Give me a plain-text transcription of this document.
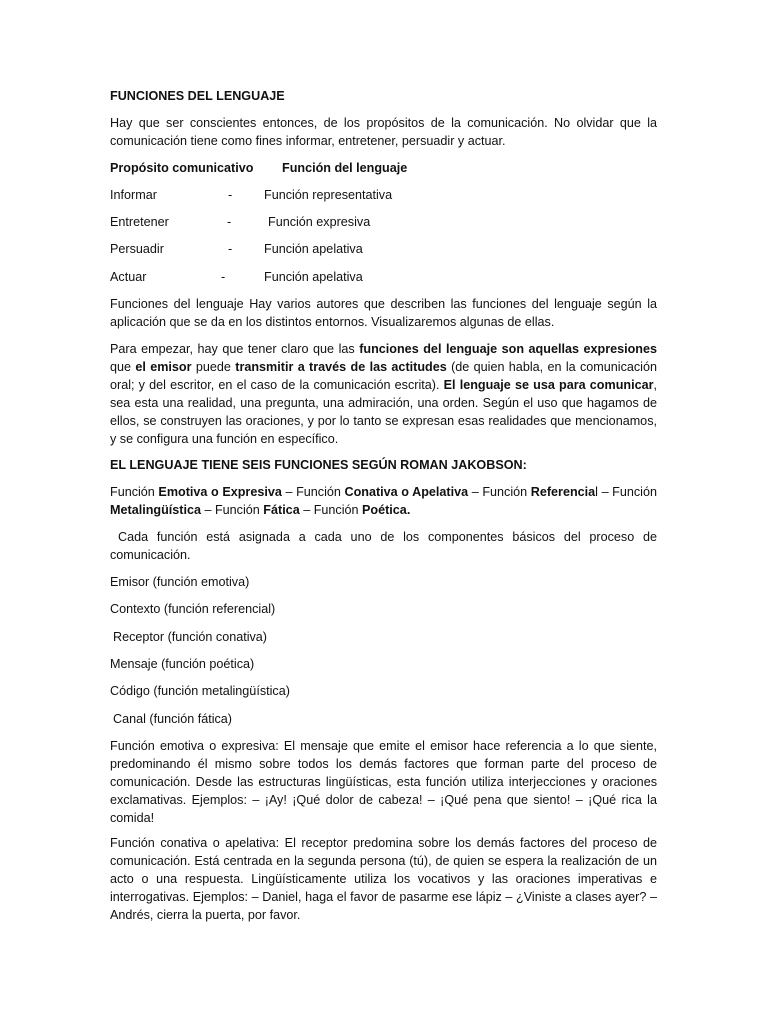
FUNCIONES DEL LENGUAJE

Hay que ser conscientes entonces, de los propósitos de la comunicación. No olvidar que la comunicación tiene como fines informar, entretener, persuadir y actuar.

Propósito comunicativo Función del lenguaje
Informar	-	Función representativa
Entretener	-	Función expresiva
Persuadir	-	Función apelativa
Actuar	-	Función apelativa

Funciones del lenguaje Hay varios autores que describen las funciones del lenguaje según la aplicación que se da en los distintos entornos. Visualizaremos algunas de ellas.

Para empezar, hay que tener claro que las funciones del lenguaje son aquellas expresiones que el emisor puede transmitir a través de las actitudes (de quien habla, en la comunicación oral; y del escritor, en el caso de la comunicación escrita). El lenguaje se usa para comunicar, sea esta una realidad, una pregunta, una admiración, una orden. Según el uso que hagamos de ellos, se construyen las oraciones, y por lo tanto se expresan esas realidades que mencionamos, y se configura una función en específico.

EL LENGUAJE TIENE SEIS FUNCIONES SEGÚN ROMAN JAKOBSON:

Función Emotiva o Expresiva – Función Conativa o Apelativa – Función Referencial – Función Metalingüística – Función Fática – Función Poética.

Cada función está asignada a cada uno de los componentes básicos del proceso de comunicación.

Emisor (función emotiva)

Contexto (función referencial)

Receptor (función conativa)

Mensaje (función poética)

Código (función metalingüística)

Canal (función fática)

Función emotiva o expresiva: El mensaje que emite el emisor hace referencia a lo que siente, predominando él mismo sobre todos los demás factores que forman parte del proceso de comunicación. Desde las estructuras lingüísticas, esta función utiliza interjecciones y oraciones exclamativas. Ejemplos: – ¡Ay! ¡Qué dolor de cabeza! – ¡Qué pena que siento! – ¡Qué rica la comida!

Función conativa o apelativa: El receptor predomina sobre los demás factores del proceso de comunicación. Está centrada en la segunda persona (tú), de quien se espera la realización de un acto o una respuesta. Lingüísticamente utiliza los vocativos y las oraciones imperativas e interrogativas. Ejemplos: – Daniel, haga el favor de pasarme ese lápiz – ¿Viniste a clases ayer? – Andrés, cierra la puerta, por favor.
